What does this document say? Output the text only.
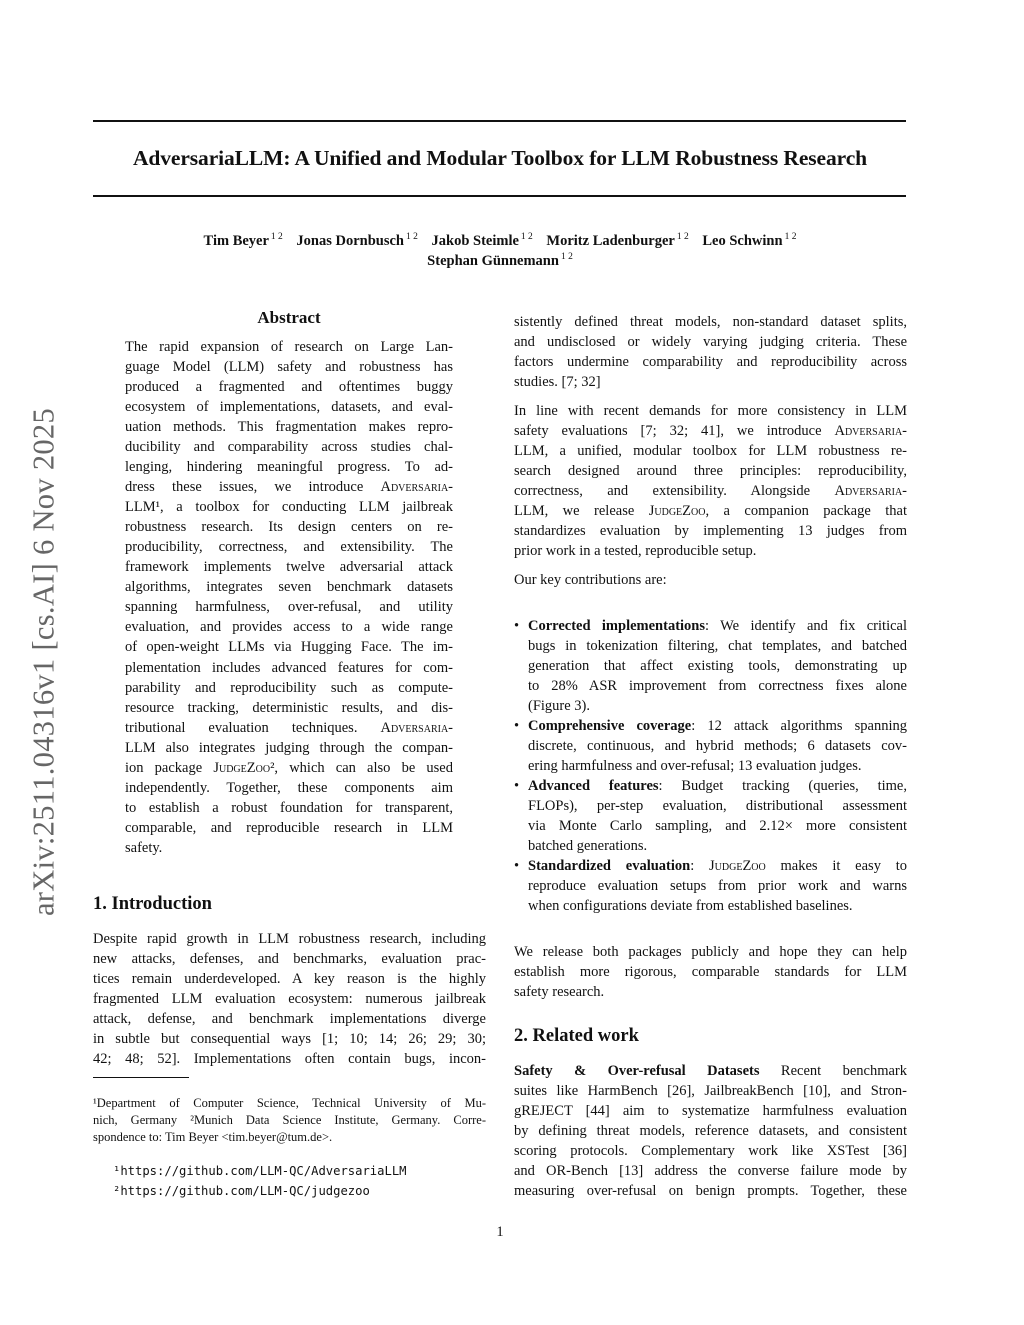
arXiv:2511.04316v1 [cs.AI] 6 Nov 2025
AdversariaLLM: A Unified and Modular Toolbox for LLM Robustness Research
Tim Beyer $^{1 2}$ Jonas Dornbusch $^{1 2}$ Jakob Steimle $^{1 2}$ Moritz Ladenburger $^{1 2}$ Leo Schwinn $^{1 2}$
Stephan Günnemann $^{1 2}$
Abstract
The rapid expansion of research on Large Lan-
guage Model (LLM) safety and robustness has
produced a fragmented and oftentimes buggy
ecosystem of implementations, datasets, and eval-
uation methods. This fragmentation makes repro-
ducibility and comparability across studies chal-
lenging, hindering meaningful progress. To ad-
dress these issues, we introduce Adversaria-
LLM¹, a toolbox for conducting LLM jailbreak
robustness research. Its design centers on re-
producibility, correctness, and extensibility. The
framework implements twelve adversarial attack
algorithms, integrates seven benchmark datasets
spanning harmfulness, over-refusal, and utility
evaluation, and provides access to a wide range
of open-weight LLMs via Hugging Face. The im-
plementation includes advanced features for com-
parability and reproducibility such as compute-
resource tracking, deterministic results, and dis-
tributional evaluation techniques. Adversaria-
LLM also integrates judging through the compan-
ion package JudgeZoo², which can also be used
independently. Together, these components aim
to establish a robust foundation for transparent,
comparable, and reproducible research in LLM
safety.
1. Introduction
Despite rapid growth in LLM robustness research, including
new attacks, defenses, and benchmarks, evaluation prac-
tices remain underdeveloped. A key reason is the highly
fragmented LLM evaluation ecosystem: numerous jailbreak
attack, defense, and benchmark implementations diverge
in subtle but consequential ways [1; 10; 14; 26; 29; 30;
42; 48; 52]. Implementations often contain bugs, incon-
¹Department of Computer Science, Technical University of Mu-
nich, Germany ²Munich Data Science Institute, Germany. Corre-
spondence to: Tim Beyer <tim.beyer@tum.de>.
¹https://github.com/LLM-QC/AdversariaLLM
²https://github.com/LLM-QC/judgezoo
sistently defined threat models, non-standard dataset splits,
and undisclosed or widely varying judging criteria. These
factors undermine comparability and reproducibility across
studies. [7; 32]
In line with recent demands for more consistency in LLM
safety evaluations [7; 32; 41], we introduce Adversaria-
LLM, a unified, modular toolbox for LLM robustness re-
search designed around three principles: reproducibility,
correctness, and extensibility. Alongside Adversaria-
LLM, we release JudgeZoo, a companion package that
standardizes evaluation by implementing 13 judges from
prior work in a tested, reproducible setup.
Our key contributions are:
• Corrected implementations: We identify and fix critical
bugs in tokenization filtering, chat templates, and batched
generation that affect existing tools, demonstrating up
to 28% ASR improvement from correctness fixes alone
(Figure 3).
• Comprehensive coverage: 12 attack algorithms spanning
discrete, continuous, and hybrid methods; 6 datasets cov-
ering harmfulness and over-refusal; 13 evaluation judges.
• Advanced features: Budget tracking (queries, time,
FLOPs), per-step evaluation, distributional assessment
via Monte Carlo sampling, and 2.12× more consistent
batched generations.
• Standardized evaluation: JudgeZoo makes it easy to
reproduce evaluation setups from prior work and warns
when configurations deviate from established baselines.
We release both packages publicly and hope they can help
establish more rigorous, comparable standards for LLM
safety research.
2. Related work
Safety & Over-refusal Datasets Recent benchmark
suites like HarmBench [26], JailbreakBench [10], and Stron-
gREJECT [44] aim to systematize harmfulness evaluation
by defining threat models, reference datasets, and consistent
scoring protocols. Complementary work like XSTest [36]
and OR-Bench [13] address the converse failure mode by
measuring over-refusal on benign prompts. Together, these
1
